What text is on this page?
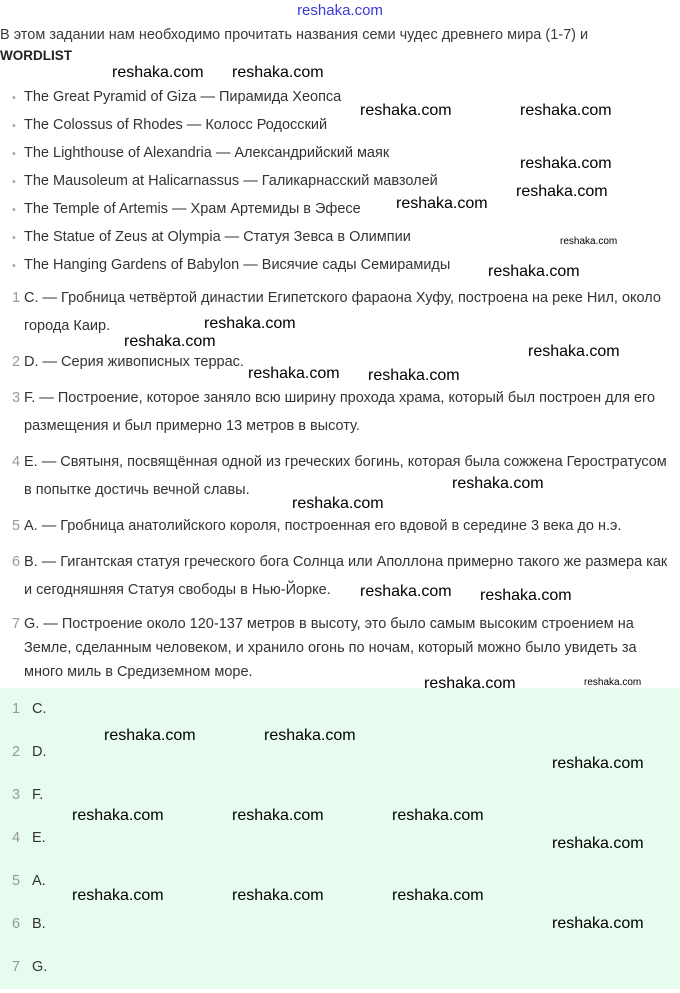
reshaka.com
В этом задании нам необходимо прочитать названия семи чудес древнего мира (1-7) и
WORDLIST
• The Great Pyramid of Giza — Пирамида Хеопса
• The Colossus of Rhodes — Колосс Родосский
• The Lighthouse of Alexandria — Александрийский маяк
• The Mausoleum at Halicarnassus — Галикарнасский мавзолей
• The Temple of Artemis — Храм Артемиды в Эфесе
• The Statue of Zeus at Olympia — Статуя Зевса в Олимпии
• The Hanging Gardens of Babylon — Висячие сады Семирамиды
1 C. — Гробница четвёртой династии Египетского фараона Хуфу, построена на реке Нил, около города Каир.
2 D. — Серия живописных террас.
3 F. — Построение, которое заняло всю ширину прохода храма, который был построен для его размещения и был примерно 13 метров в высоту.
4 E. — Святыня, посвящённая одной из греческих богинь, которая была сожжена Геростратусом в попытке достичь вечной славы.
5 A. — Гробница анатолийского короля, построенная его вдовой в середине 3 века до н.э.
6 B. — Гигантская статуя греческого бога Солнца или Аполлона примерно такого же размера как и сегодняшняя Статуя свободы в Нью-Йорке.
7 G. — Построение около 120-137 метров в высоту, это было самым высоким строением на Земле, сделанным человеком, и хранило огонь по ночам, который можно было увидеть за много миль в Средиземном море.
1 C.
2 D.
3 F.
4 E.
5 A.
6 B.
7 G.
reshaka.com reshaka.com
reshaka.com	reshaka.com
reshaka.com
reshaka.com
reshaka.com
reshaka.com
reshaka.com
reshaka.com
reshaka.com
reshaka.com
reshaka.com
reshaka.com
reshaka.com
reshaka.com reshaka.com
reshaka.com
reshaka.com	reshaka.com
reshaka.com
reshaka.com	reshaka.com	reshaka.com
reshaka.com
reshaka.com	reshaka.com	reshaka.com
reshaka.com
reshaka.com
reshaka.com
